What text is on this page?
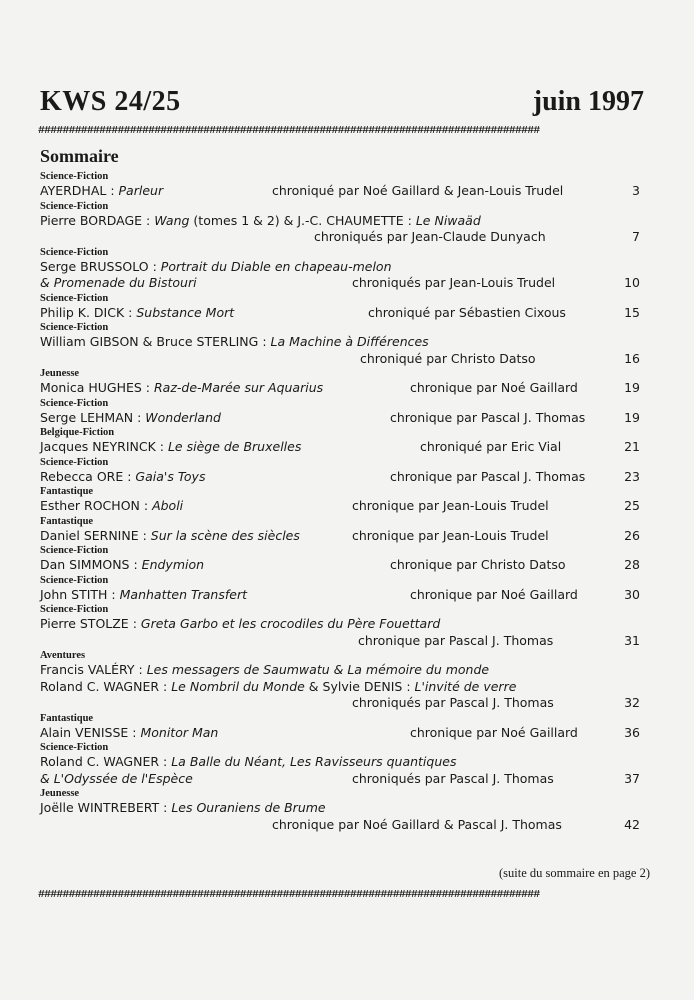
KWS 24/25	juin 1997
##################################################################################
Sommaire
Science-Fiction
AYERDHAL : Parleur	chroniqué par Noé Gaillard & Jean-Louis Trudel	3
Science-Fiction
Pierre BORDAGE : Wang (tomes 1 & 2) & J.-C. CHAUMETTE : Le Niwaäd
chroniqués par Jean-Claude Dunyach	7
Science-Fiction
Serge BRUSSOLO : Portrait du Diable en chapeau-melon
& Promenade du Bistouri	chroniqués par Jean-Louis Trudel	10
Science-Fiction
Philip K. DICK : Substance Mort	chroniqué par Sébastien Cixous	15
Science-Fiction
William GIBSON & Bruce STERLING : La Machine à Différences
chroniqué par Christo Datso	16
Jeunesse
Monica HUGHES : Raz-de-Marée sur Aquarius	chronique par Noé Gaillard	19
Science-Fiction
Serge LEHMAN : Wonderland	chronique par Pascal J. Thomas	19
Belgique-Fiction
Jacques NEYRINCK : Le siège de Bruxelles	chroniqué par Eric Vial	21
Science-Fiction
Rebecca ORE : Gaia's Toys	chronique par Pascal J. Thomas	23
Fantastique
Esther ROCHON : Aboli	chronique par Jean-Louis Trudel	25
Fantastique
Daniel SERNINE : Sur la scène des siècles	chronique par Jean-Louis Trudel	26
Science-Fiction
Dan SIMMONS : Endymion	chronique par Christo Datso	28
Science-Fiction
John STITH : Manhatten Transfert	chronique par Noé Gaillard	30
Science-Fiction
Pierre STOLZE : Greta Garbo et les crocodiles du Père Fouettard
chronique par Pascal J. Thomas	31
Aventures
Francis VALÉRY : Les messagers de Saumwatu & La mémoire du monde
Roland C. WAGNER : Le Nombril du Monde & Sylvie DENIS : L'invité de verre
chroniqués par Pascal J. Thomas	32
Fantastique
Alain VENISSE : Monitor Man	chronique par Noé Gaillard	36
Science-Fiction
Roland C. WAGNER : La Balle du Néant, Les Ravisseurs quantiques
& L'Odyssée de l'Espèce	chroniqués par Pascal J. Thomas	37
Jeunesse
Joëlle WINTREBERT : Les Ouraniens de Brume
chronique par Noé Gaillard & Pascal J. Thomas	42
(suite du sommaire en page 2)
##################################################################################
